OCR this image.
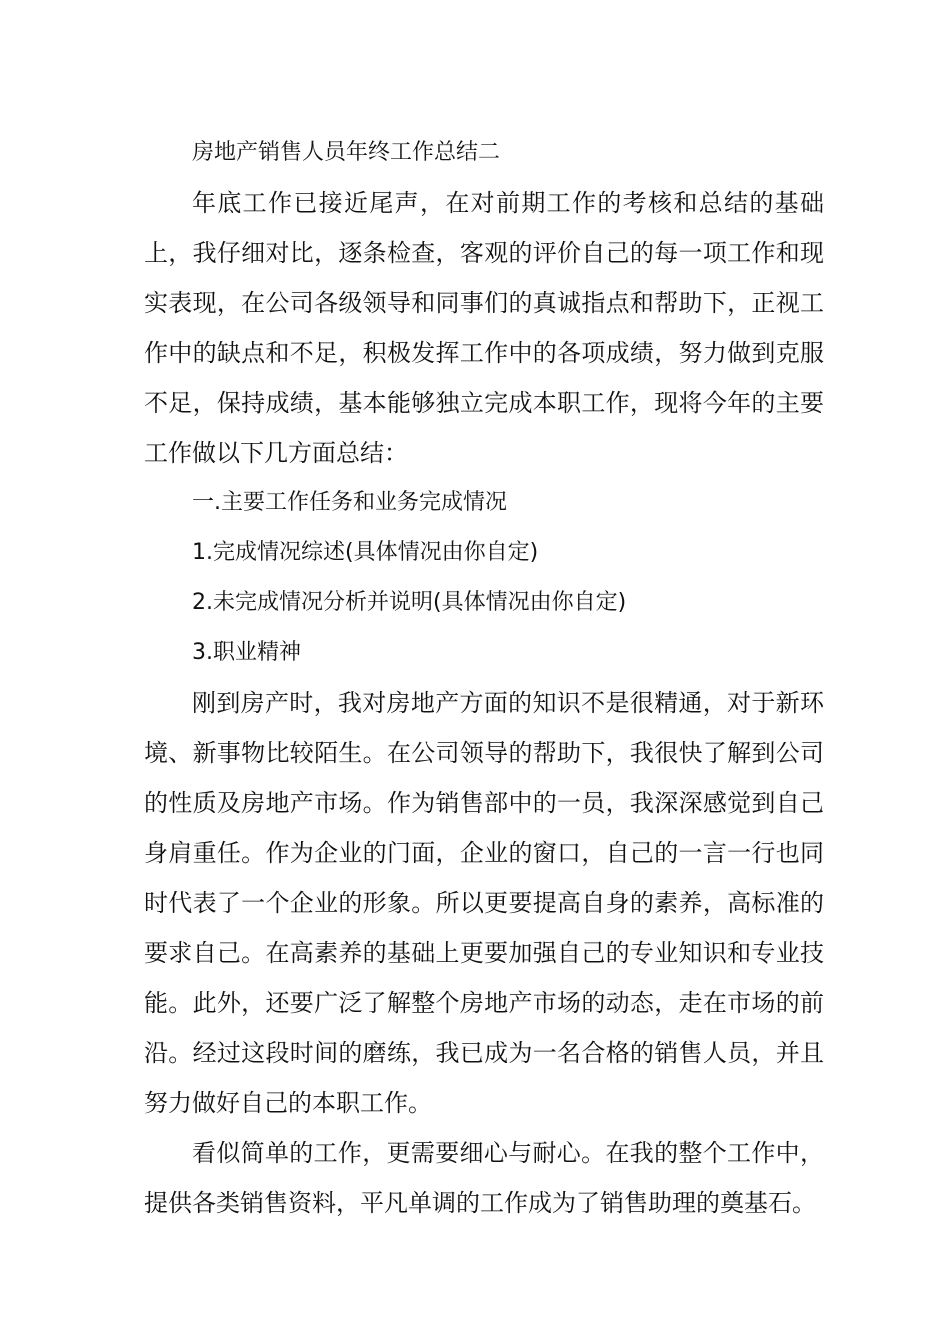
房地产销售人员年终工作总结二

年底工作已接近尾声，在对前期工作的考核和总结的基础上，我仔细对比，逐条检查，客观的评价自己的每一项工作和现实表现，在公司各级领导和同事们的真诚指点和帮助下，正视工作中的缺点和不足，积极发挥工作中的各项成绩，努力做到克服不足，保持成绩，基本能够独立完成本职工作，现将今年的主要工作做以下几方面总结：

一.主要工作任务和业务完成情况

1.完成情况综述(具体情况由你自定)

2.未完成情况分析并说明(具体情况由你自定)

3.职业精神

刚到房产时，我对房地产方面的知识不是很精通，对于新环境、新事物比较陌生。在公司领导的帮助下，我很快了解到公司的性质及房地产市场。作为销售部中的一员，我深深感觉到自己身肩重任。作为企业的门面，企业的窗口，自己的一言一行也同时代表了一个企业的形象。所以更要提高自身的素养，高标准的要求自己。在高素养的基础上更要加强自己的专业知识和专业技能。此外，还要广泛了解整个房地产市场的动态，走在市场的前沿。经过这段时间的磨练，我已成为一名合格的销售人员，并且努力做好自己的本职工作。

看似简单的工作，更需要细心与耐心。在我的整个工作中，提供各类销售资料，平凡单调的工作成为了销售助理的奠基石。
